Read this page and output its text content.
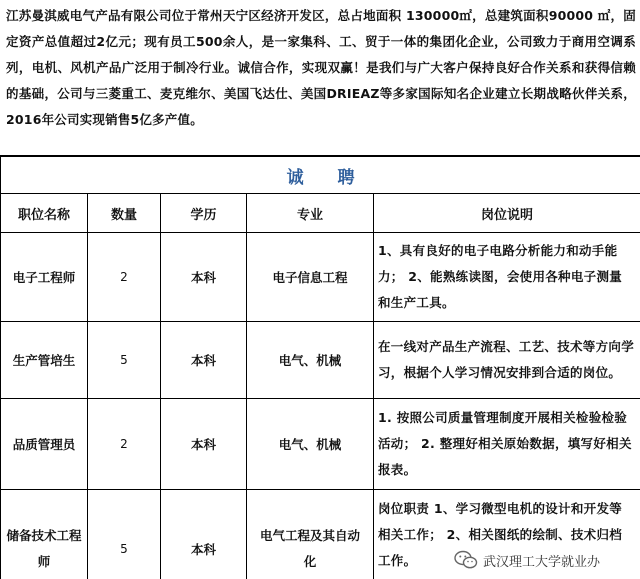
江苏曼淇威电气产品有限公司位于常州天宁区经济开发区，总占地面积 130000㎡，总建筑面积90000 ㎡，固定资产总值超过2亿元；现有员工500余人，是一家集科、工、贸于一体的集团化企业，公司致力于商用空调系列，电机、风机产品广泛用于制冷行业。诚信合作，实现双赢！是我们与广大客户保持良好合作关系和获得信赖的基础，公司与三菱重工、麦克维尔、美国飞达仕、美国DRIEAZ等多家国际知名企业建立长期战略伙伴关系，2016年公司实现销售5亿多产值。
诚 聘				
职位名称	数量	学历	专业	岗位说明
电子工程师	2	本科	电子信息工程	1、具有良好的电子电路分析能力和动手能力； 2、能熟练读图，会使用各种电子测量和生产工具。
生产管培生	5	本科	电气、机械	在一线对产品生产流程、工艺、技术等方向学习，根据个人学习情况安排到合适的岗位。
品质管理员	2	本科	电气、机械	1. 按照公司质量管理制度开展相关检验检验活动； 2. 整理好相关原始数据，填写好相关报表。
储备技术工程师	5	本科	电气工程及其自动化	岗位职责 1、学习微型电机的设计和开发等相关工作； 2、相关图纸的绘制、技术归档工作。	武汉理工大学就业办
